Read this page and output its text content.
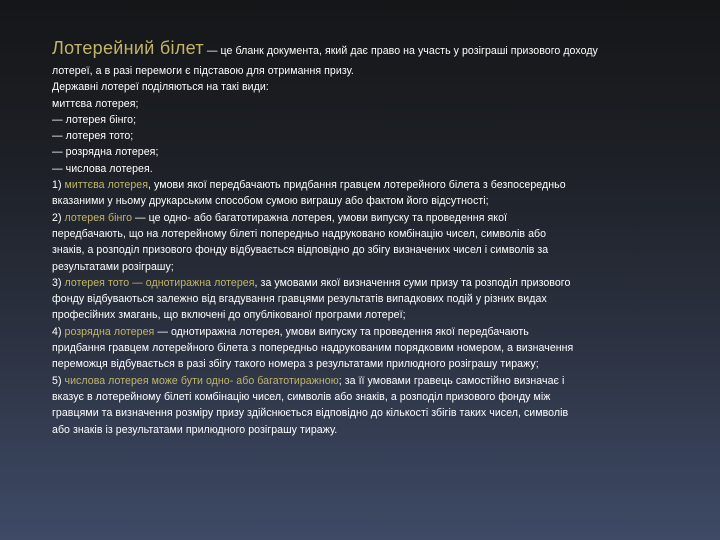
Лотерейний білет — це бланк документа, який дає право на участь у розіграші призового доходу
лотереї, а в разі перемоги є підставою для отримання призу.
Державні лотереї поділяються на такі види:
миттєва лотерея;
— лотерея бінго;
— лотерея тото;
— розрядна лотерея;
— числова лотерея.
1) миттєва лотерея, умови якої передбачають придбання гравцем лотерейного білета з безпосередньо
вказаними у ньому друкарським способом сумою виграшу або фактом його відсутності;
2) лотерея бінго — це одно- або багатотиражна лотерея, умови випуску та проведення якої
передбачають, що на лотерейному білеті попередньо надруковано комбінацію чисел, символів або
знаків, а розподіл призового фонду відбувається відповідно до збігу визначених чисел і символів за
результатами розіграшу;
3) лотерея тото — однотиражна лотерея, за умовами якої визначення суми призу та розподіл призового
фонду відбуваються залежно від вгадування гравцями результатів випадкових подій у різних видах
професійних змагань, що включені до опублікованої програми лотереї;
4) розрядна лотерея — однотиражна лотерея, умови випуску та проведення якої передбачають
придбання гравцем лотерейного білета з попередньо надрукованим порядковим номером, а визначення
переможця відбувається в разі збігу такого номера з результатами прилюдного розіграшу тиражу;
5) числова лотерея може бути одно- або багатотиражною; за її умовами гравець самостійно визначає і
вказує в лотерейному білеті комбінацію чисел, символів або знаків, а розподіл призового фонду між
гравцями та визначення розміру призу здійснюється відповідно до кількості збігів таких чисел, символів
або знаків із результатами прилюдного розіграшу тиражу.
